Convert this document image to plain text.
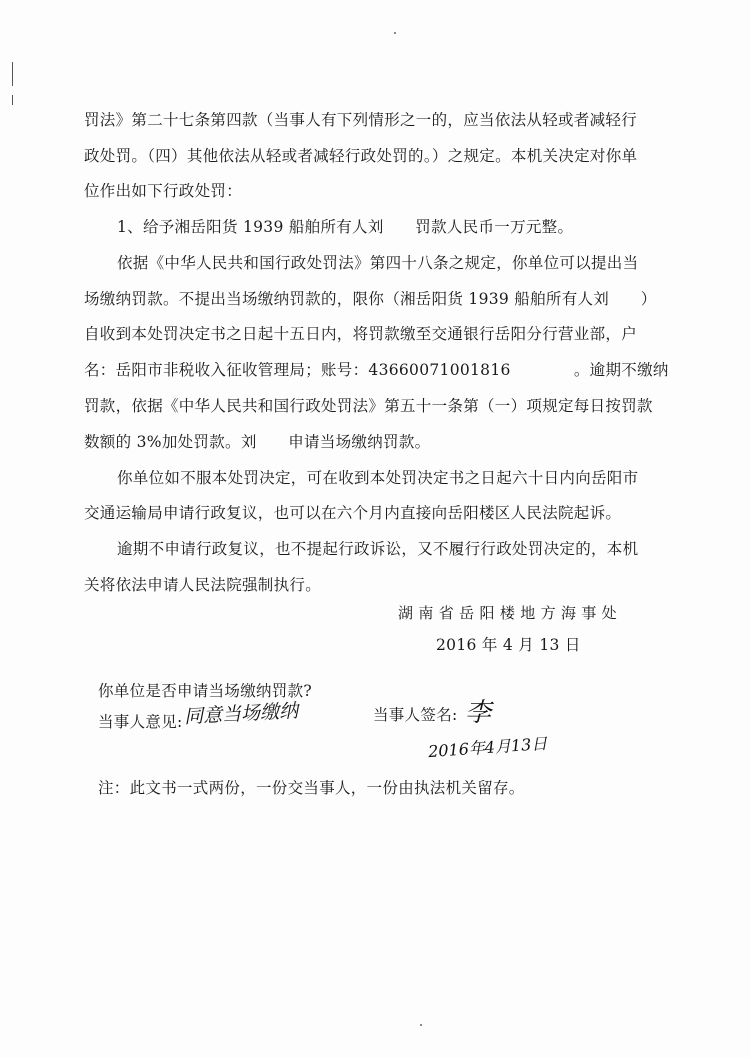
罚法》第二十七条第四款（当事人有下列情形之一的，应当依法从轻或者减轻行
政处罚。（四）其他依法从轻或者减轻行政处罚的。）之规定。本机关决定对你单
位作出如下行政处罚：
1、给予湘岳阳货 1939 船舶所有人刘　　罚款人民币一万元整。
依据《中华人民共和国行政处罚法》第四十八条之规定，你单位可以提出当
场缴纳罚款。不提出当场缴纳罚款的，限你（湘岳阳货 1939 船舶所有人刘　　）
自收到本处罚决定书之日起十五日内，将罚款缴至交通银行岳阳分行营业部，户
名：岳阳市非税收入征收管理局；账号：43660071001816　　　　。逾期不缴纳
罚款，依据《中华人民共和国行政处罚法》第五十一条第（一）项规定每日按罚款
数额的 3%加处罚款。刘　　申请当场缴纳罚款。
你单位如不服本处罚决定，可在收到本处罚决定书之日起六十日内向岳阳市
交通运输局申请行政复议，也可以在六个月内直接向岳阳楼区人民法院起诉。
逾期不申请行政复议，也不提起行政诉讼，又不履行行政处罚决定的，本机
关将依法申请人民法院强制执行。
湖 南 省 岳 阳 楼 地 方 海 事 处
2016 年 4 月 13 日
你单位是否申请当场缴纳罚款?
当事人意见: 同意当场缴纳	当事人签名: 李
2016年4月13日
注：此文书一式两份，一份交当事人，一份由执法机关留存。
